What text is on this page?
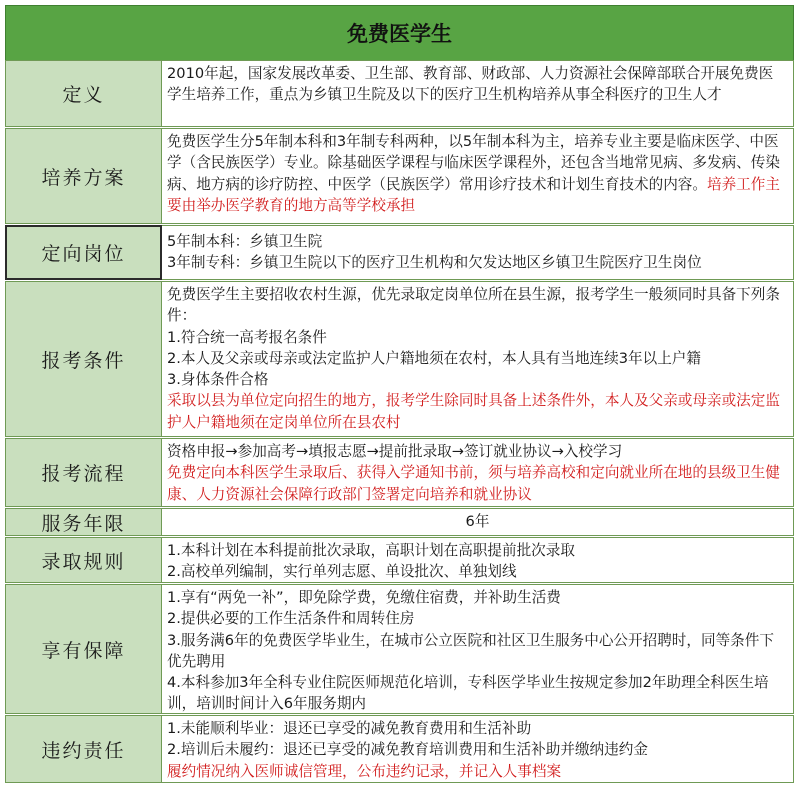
免费医学生
定义
2010年起，国家发展改革委、卫生部、教育部、财政部、人力资源社会保障部联合开展免费医学生培养工作，重点为乡镇卫生院及以下的医疗卫生机构培养从事全科医疗的卫生人才
培养方案
免费医学生分5年制本科和3年制专科两种，以5年制本科为主，培养专业主要是临床医学、中医学（含民族医学）专业。除基础医学课程与临床医学课程外，还包含当地常见病、多发病、传染病、地方病的诊疗防控、中医学（民族医学）常用诊疗技术和计划生育技术的内容。培养工作主要由举办医学教育的地方高等学校承担
定向岗位
5年制本科：乡镇卫生院
3年制专科：乡镇卫生院以下的医疗卫生机构和欠发达地区乡镇卫生院医疗卫生岗位
报考条件
免费医学生主要招收农村生源，优先录取定岗单位所在县生源，报考学生一般须同时具备下列条件：
1.符合统一高考报名条件
2.本人及父亲或母亲或法定监护人户籍地须在农村，本人具有当地连续3年以上户籍
3.身体条件合格
采取以县为单位定向招生的地方，报考学生除同时具备上述条件外，本人及父亲或母亲或法定监护人户籍地须在定岗单位所在县农村
报考流程
资格申报→参加高考→填报志愿→提前批录取→签订就业协议→入校学习
免费定向本科医学生录取后、获得入学通知书前，须与培养高校和定向就业所在地的县级卫生健康、人力资源社会保障行政部门签署定向培养和就业协议
服务年限	6年
录取规则	1.本科计划在本科提前批次录取，高职计划在高职提前批次录取
2.高校单列编制，实行单列志愿、单设批次、单独划线
享有保障
1.享有“两免一补”，即免除学费，免缴住宿费，并补助生活费
2.提供必要的工作生活条件和周转住房
3.服务满6年的免费医学毕业生，在城市公立医院和社区卫生服务中心公开招聘时，同等条件下优先聘用
4.本科参加3年全科专业住院医师规范化培训，专科医学毕业生按规定参加2年助理全科医生培训，培训时间计入6年服务期内
违约责任
1.未能顺利毕业：退还已享受的减免教育费用和生活补助
2.培训后未履约：退还已享受的减免教育培训费用和生活补助并缴纳违约金
履约情况纳入医师诚信管理，公布违约记录，并记入人事档案
